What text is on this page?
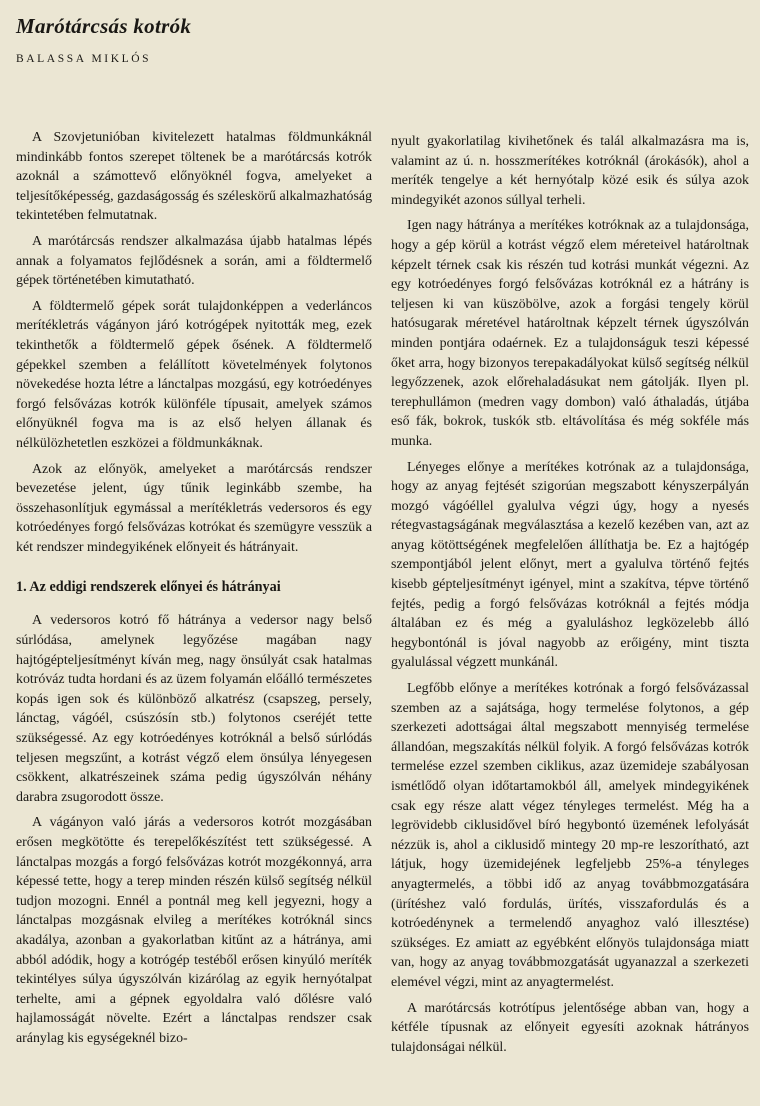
Marótárcsás kotrók
BALASSA MIKLÓS

A Szovjetunióban kivitelezett hatalmas földmunkáknál mindinkább fontos szerepet töltenek be a marótárcsás kotrók azoknál a számottevő előnyöknél fogva, amelyeket a teljesítőképesség, gazdaságosság és széleskörű alkalmazhatóság tekintetében felmutatnak.

A marótárcsás rendszer alkalmazása újabb hatalmas lépés annak a folyamatos fejlődésnek a során, ami a földtermelő gépek történetében kimutatható.

A földtermelő gépek sorát tulajdonképpen a vederláncos merítékletrás vágányon járó kotrógépek nyitották meg, ezek tekinthetők a földtermelő gépek ősének. A földtermelő gépekkel szemben a felállított követelmények folytonos növekedése hozta létre a lánctalpas mozgású, egy kotróedényes forgó felsővázas kotrók különféle típusait, amelyek számos előnyüknél fogva ma is az első helyen állanak és nélkülözhetetlen eszközei a földmunkáknak.

Azok az előnyök, amelyeket a marótárcsás rendszer bevezetése jelent, úgy tűnik leginkább szembe, ha összehasonlítjuk egymással a merítékletrás vedersoros és egy kotróedényes forgó felsővázas kotrókat és szemügyre vesszük a két rendszer mindegyikének előnyeit és hátrányait.

1. Az eddigi rendszerek előnyei és hátrányai

A vedersoros kotró fő hátránya a vedersor nagy belső súrlódása, amelynek legyőzése magában nagy hajtógépteljesítményt kíván meg, nagy önsúlyát csak hatalmas kotróváz tudta hordani és az üzem folyamán előálló természetes kopás igen sok és különböző alkatrész (csapszeg, persely, lánctag, vágóél, csúszósín stb.) folytonos cseréjét tette szükségessé. Az egy kotróedényes kotróknál a belső súrlódás teljesen megszűnt, a kotrást végző elem önsúlya lényegesen csökkent, alkatrészeinek száma pedig úgyszólván néhány darabra zsugorodott össze.

A vágányon való járás a vedersoros kotrót mozgásában erősen megkötötte és terepelőkészítést tett szükségessé. A lánctalpas mozgás a forgó felsővázas kotrót mozgékonnyá, arra képessé tette, hogy a terep minden részén külső segítség nélkül tudjon mozogni. Ennél a pontnál meg kell jegyezni, hogy a lánctalpas mozgásnak elvileg a merítékes kotróknál sincs akadálya, azonban a gyakorlatban kitűnt az a hátránya, ami abból adódik, hogy a kotrógép testéből erősen kinyúló meríték tekintélyes súlya úgyszólván kizárólag az egyik hernyótalpat terhelte, ami a gépnek egyoldalra való dőlésre való hajlamosságát növelte. Ezért a lánctalpas rendszer csak aránylag kis egységeknél bizo-

nyult gyakorlatilag kivihetőnek és talál alkalmazásra ma is, valamint az ú. n. hosszmerítékes kotróknál (árokásók), ahol a meríték tengelye a két hernyótalp közé esik és súlya azok mindegyikét azonos súllyal terheli.

Igen nagy hátránya a merítékes kotróknak az a tulajdonsága, hogy a gép körül a kotrást végző elem méreteivel határoltnak képzelt térnek csak kis részén tud kotrási munkát végezni. Az egy kotróedényes forgó felsővázas kotróknál ez a hátrány is teljesen ki van küszöbölve, azok a forgási tengely körül hatósugarak méretével határoltnak képzelt térnek úgyszólván minden pontjára odaérnek. Ez a tulajdonságuk teszi képessé őket arra, hogy bizonyos terepakadályokat külső segítség nélkül legyőzzenek, azok előrehaladásukat nem gátolják. Ilyen pl. terephullámon (medren vagy dombon) való áthaladás, útjába eső fák, bokrok, tuskók stb. eltávolítása és még sokféle más munka.

Lényeges előnye a merítékes kotrónak az a tulajdonsága, hogy az anyag fejtését szigorúan megszabott kényszerpályán mozgó vágóéllel gyalulva végzi úgy, hogy a nyesés rétegvastagságának megválasztása a kezelő kezében van, azt az anyag kötöttségének megfelelően állíthatja be. Ez a hajtógép szempontjából jelent előnyt, mert a gyalulva történő fejtés kisebb gépteljesítményt igényel, mint a szakítva, tépve történő fejtés, pedig a forgó felsővázas kotróknál a fejtés módja általában ez és még a gyaluláshoz legközelebb álló hegybontónál is jóval nagyobb az erőigény, mint tiszta gyalulással végzett munkánál.

Legfőbb előnye a merítékes kotrónak a forgó felsővázassal szemben az a sajátsága, hogy termelése folytonos, a gép szerkezeti adottságai által megszabott mennyiség termelése állandóan, megszakítás nélkül folyik. A forgó felsővázas kotrók termelése ezzel szemben ciklikus, azaz üzemideje szabályosan ismétlődő olyan időtartamokból áll, amelyek mindegyikének csak egy része alatt végez tényleges termelést. Még ha a legrövidebb ciklusidővel bíró hegybontó üzemének lefolyását nézzük is, ahol a ciklusidő mintegy 20 mp-re leszorítható, azt látjuk, hogy üzemidejének legfeljebb 25%-a tényleges anyagtermelés, a többi idő az anyag továbbmozgatására (ürítéshez való fordulás, ürítés, visszafordulás és a kotróedénynek a termelendő anyaghoz való illesztése) szükséges. Ez amiatt az egyébként előnyös tulajdonsága miatt van, hogy az anyag továbbmozgatását ugyanazzal a szerkezeti elemével végzi, mint az anyagtermelést.

A marótárcsás kotrótípus jelentősége abban van, hogy a kétféle típusnak az előnyeit egyesíti azoknak hátrányos tulajdonságai nélkül.
